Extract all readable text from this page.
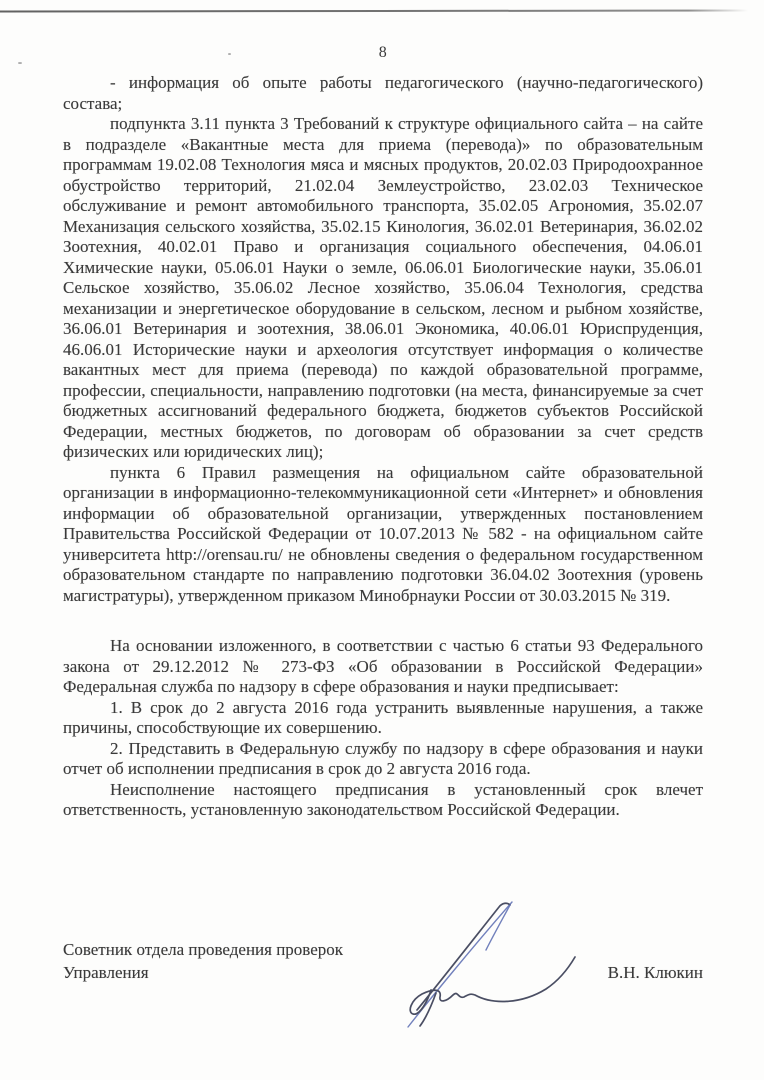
8

- информация об опыте работы педагогического (научно-педагогического) состава;

подпункта 3.11 пункта 3 Требований к структуре официального сайта – на сайте в подразделе «Вакантные места для приема (перевода)» по образовательным программам 19.02.08 Технология мяса и мясных продуктов, 20.02.03 Природоохранное обустройство территорий, 21.02.04 Землеустройство, 23.02.03 Техническое обслуживание и ремонт автомобильного транспорта, 35.02.05 Агрономия, 35.02.07 Механизация сельского хозяйства, 35.02.15 Кинология, 36.02.01 Ветеринария, 36.02.02 Зоотехния, 40.02.01 Право и организация социального обеспечения, 04.06.01 Химические науки, 05.06.01 Науки о земле, 06.06.01 Биологические науки, 35.06.01 Сельское хозяйство, 35.06.02 Лесное хозяйство, 35.06.04 Технология, средства механизации и энергетическое оборудование в сельском, лесном и рыбном хозяйстве, 36.06.01 Ветеринария и зоотехния, 38.06.01 Экономика, 40.06.01 Юриспруденция, 46.06.01 Исторические науки и археология отсутствует информация о количестве вакантных мест для приема (перевода) по каждой образовательной программе, профессии, специальности, направлению подготовки (на места, финансируемые за счет бюджетных ассигнований федерального бюджета, бюджетов субъектов Российской Федерации, местных бюджетов, по договорам об образовании за счет средств физических или юридических лиц);

пункта 6 Правил размещения на официальном сайте образовательной организации в информационно-телекоммуникационной сети «Интернет» и обновления информации об образовательной организации, утвержденных постановлением Правительства Российской Федерации от 10.07.2013 № 582 - на официальном сайте университета http://orensau.ru/ не обновлены сведения о федеральном государственном образовательном стандарте по направлению подготовки 36.04.02 Зоотехния (уровень магистратуры), утвержденном приказом Минобрнауки России от 30.03.2015 № 319.

На основании изложенного, в соответствии с частью 6 статьи 93 Федерального закона от 29.12.2012 № 273-ФЗ «Об образовании в Российской Федерации» Федеральная служба по надзору в сфере образования и науки предписывает:

1. В срок до 2 августа 2016 года устранить выявленные нарушения, а также причины, способствующие их совершению.

2. Представить в Федеральную службу по надзору в сфере образования и науки отчет об исполнении предписания в срок до 2 августа 2016 года.

Неисполнение настоящего предписания в установленный срок влечет ответственность, установленную законодательством Российской Федерации.

Советник отдела проведения проверок
Управления	В.Н. Клюкин
